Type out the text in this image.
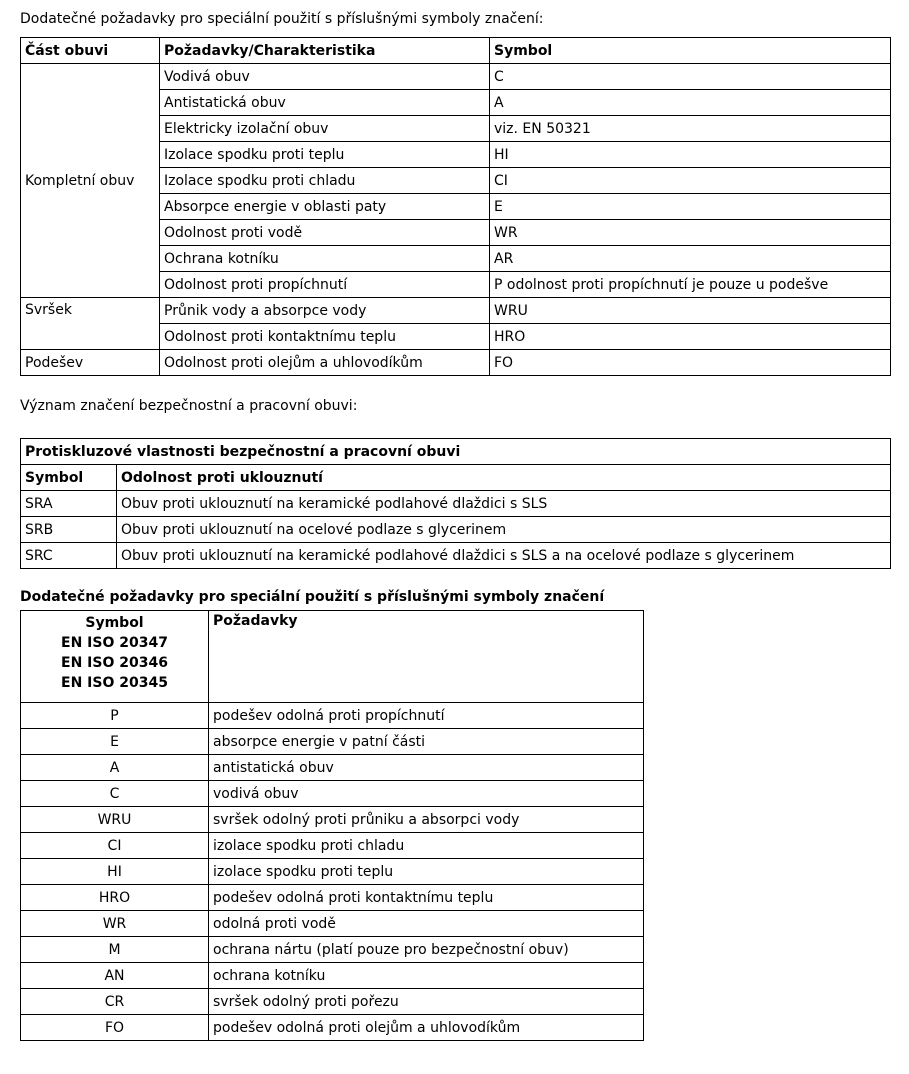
Dodatečné požadavky pro speciální použití s příslušnými symboly značení:

Část obuvi	Požadavky/Charakteristika	Symbol
Kompletní obuv	Vodivá obuv	C
	Antistatická obuv	A
	Elektricky izolační obuv	viz. EN 50321
	Izolace spodku proti teplu	HI
	Izolace spodku proti chladu	CI
	Absorpce energie v oblasti paty	E
	Odolnost proti vodě	WR
	Ochrana kotníku	AR
	Odolnost proti propíchnutí	P odolnost proti propíchnutí je pouze u podešve
Svršek	Průnik vody a absorpce vody	WRU
	Odolnost proti kontaktnímu teplu	HRO
Podešev	Odolnost proti olejům a uhlovodíkům	FO

Význam značení bezpečnostní a pracovní obuvi:

Protiskluzové vlastnosti bezpečnostní a pracovní obuvi	
Symbol	Odolnost proti uklouznutí
SRA	Obuv proti uklouznutí na keramické podlahové dlaždici s SLS
SRB	Obuv proti uklouznutí na ocelové podlaze s glycerinem
SRC	Obuv proti uklouznutí na keramické podlahové dlaždici s SLS a na ocelové podlaze s glycerinem

Dodatečné požadavky pro speciální použití s příslušnými symboly značení

Symbol
EN ISO 20347
EN ISO 20346
EN ISO 20345	Požadavky
P	podešev odolná proti propíchnutí
E	absorpce energie v patní části
A	antistatická obuv
C	vodivá obuv
WRU	svršek odolný proti průniku a absorpci vody
CI	izolace spodku proti chladu
HI	izolace spodku proti teplu
HRO	podešev odolná proti kontaktnímu teplu
WR	odolná proti vodě
M	ochrana nártu (platí pouze pro bezpečnostní obuv)
AN	ochrana kotníku
CR	svršek odolný proti pořezu
FO	podešev odolná proti olejům a uhlovodíkům
